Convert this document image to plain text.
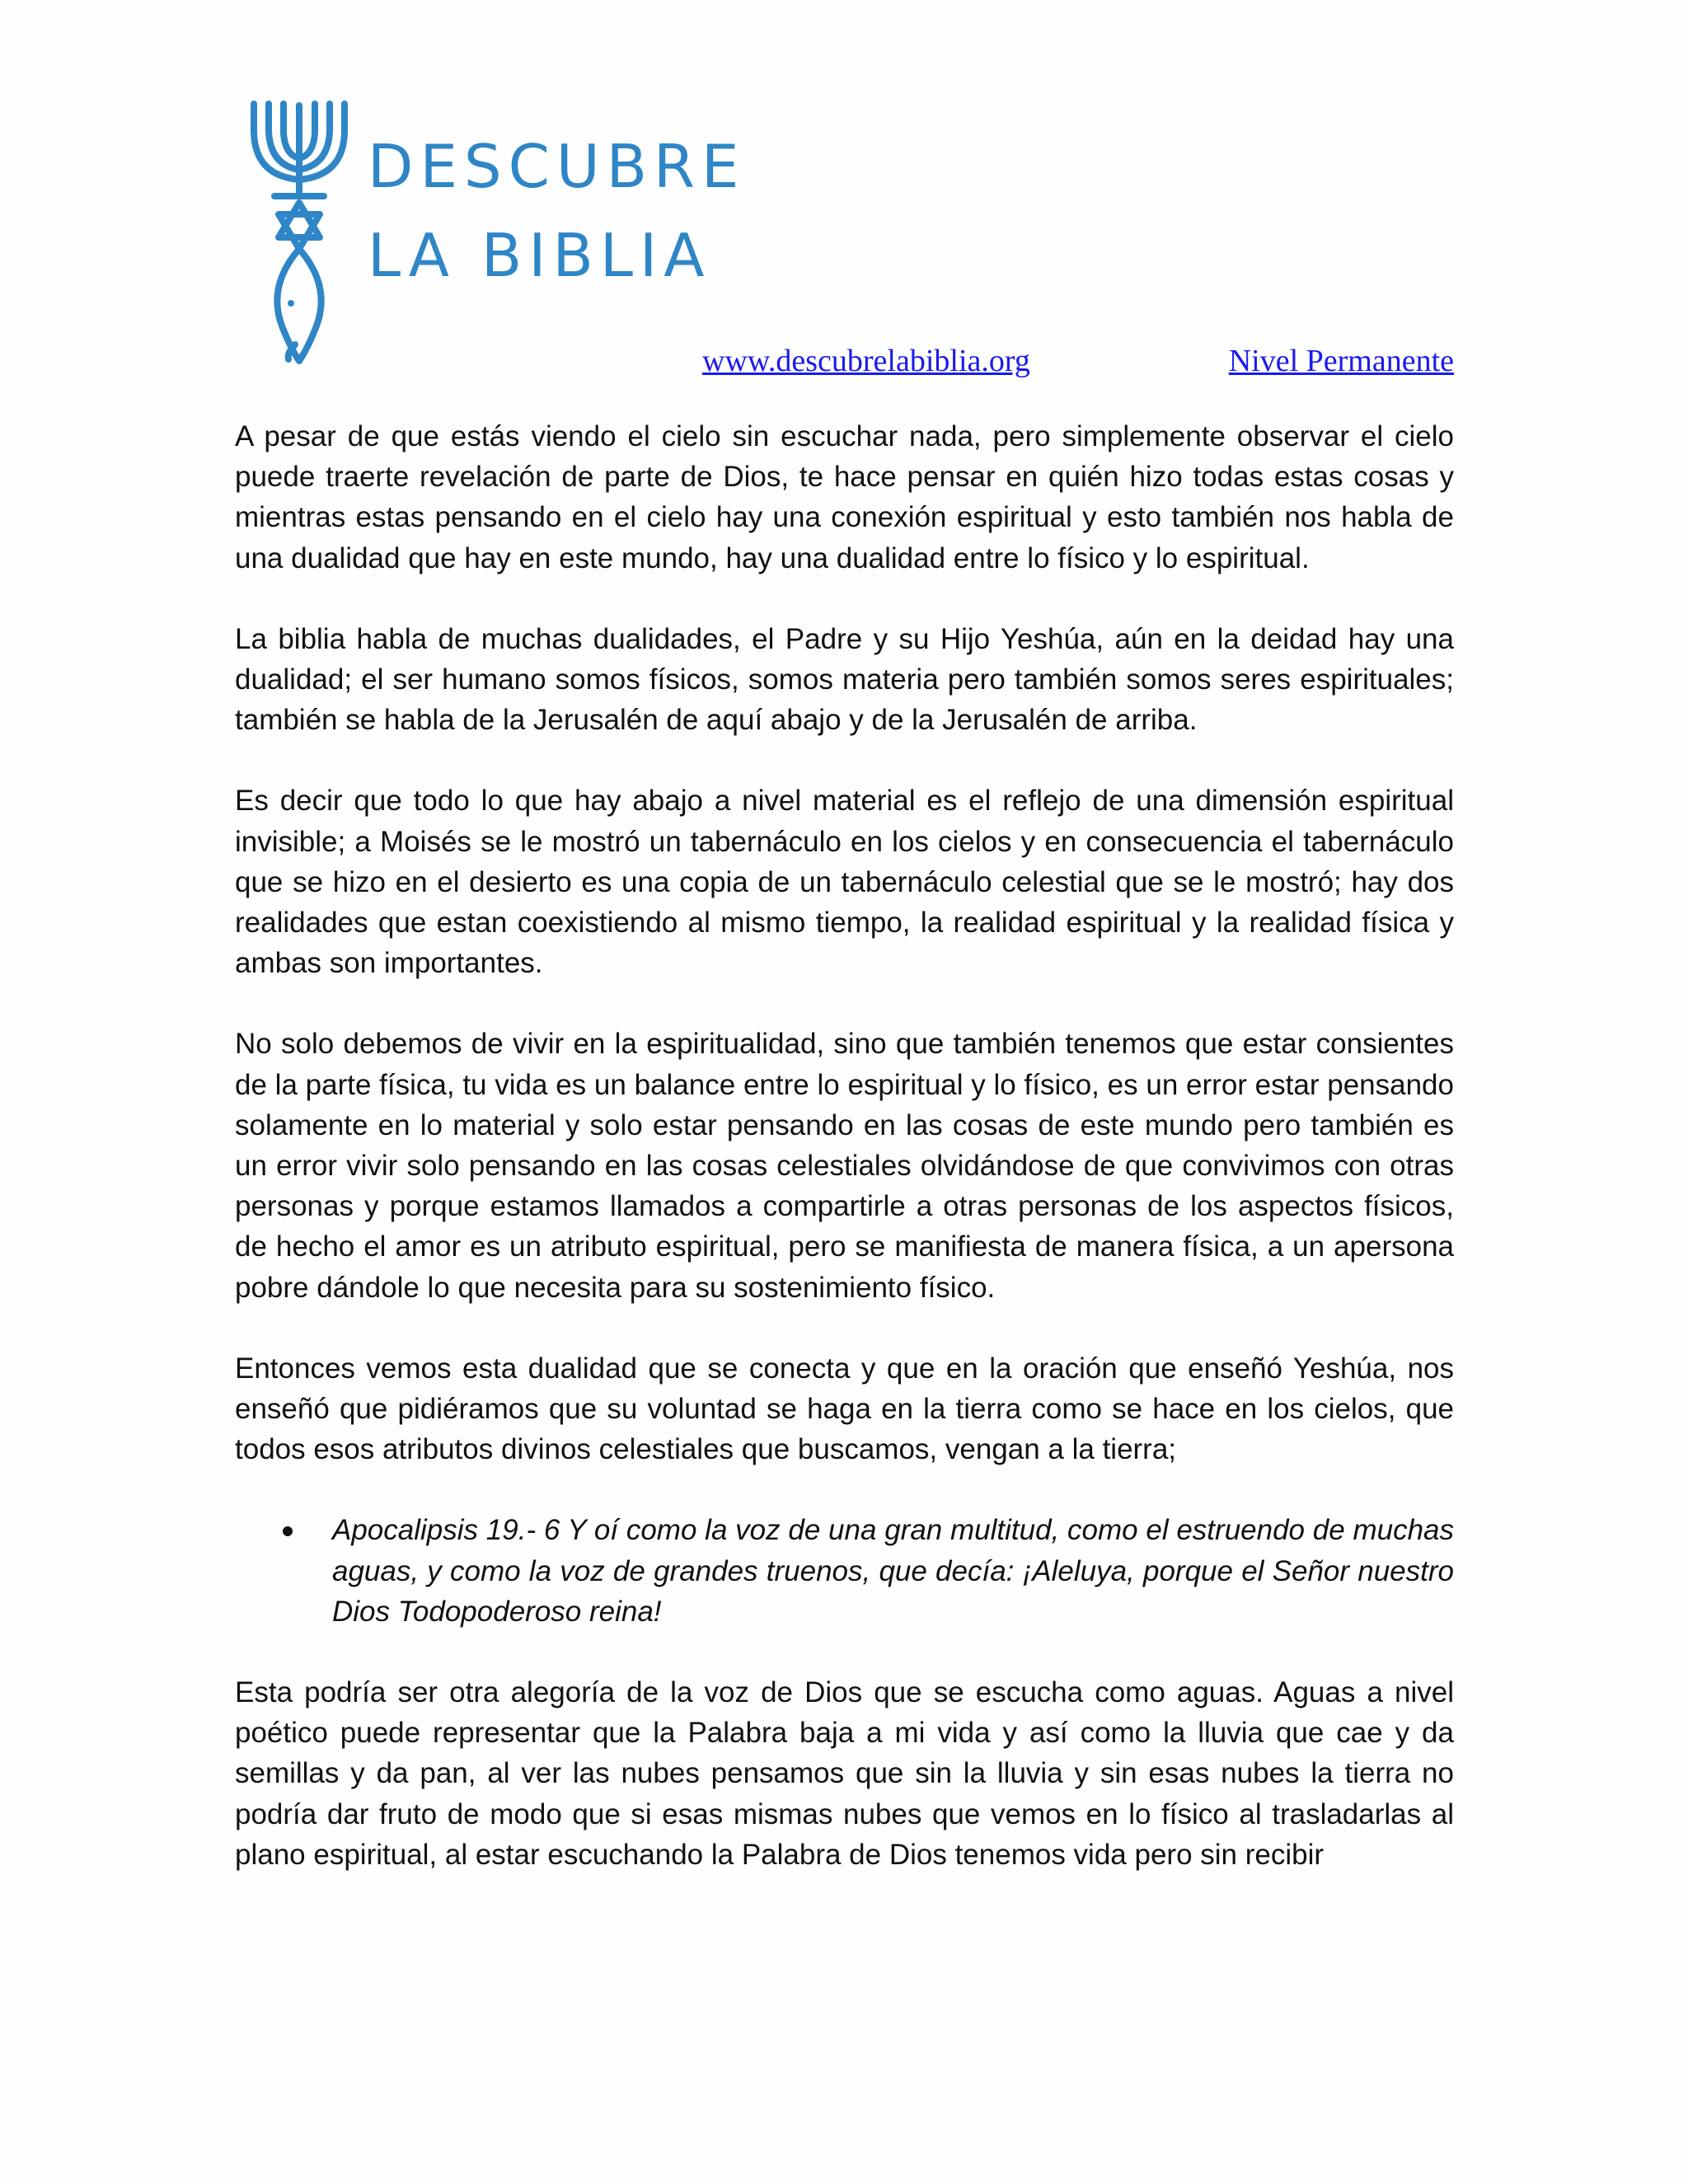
DESCUBRE
LA BIBLIA
www.descubrelabiblia.org	Nivel Permanente

A pesar de que estás viendo el cielo sin escuchar nada, pero simplemente observar el cielo puede traerte revelación de parte de Dios, te hace pensar en quién hizo todas estas cosas y mientras estas pensando en el cielo hay una conexión espiritual y esto también nos habla de una dualidad que hay en este mundo, hay una dualidad entre lo físico y lo espiritual.

La biblia habla de muchas dualidades, el Padre y su Hijo Yeshúa, aún en la deidad hay una dualidad; el ser humano somos físicos, somos materia pero también somos seres espirituales; también se habla de la Jerusalén de aquí abajo y de la Jerusalén de arriba.

Es decir que todo lo que hay abajo a nivel material es el reflejo de una dimensión espiritual invisible; a Moisés se le mostró un tabernáculo en los cielos y en consecuencia el tabernáculo que se hizo en el desierto es una copia de un tabernáculo celestial que se le mostró; hay dos realidades que estan coexistiendo al mismo tiempo, la realidad espiritual y la realidad física y ambas son importantes.

No solo debemos de vivir en la espiritualidad, sino que también tenemos que estar consientes de la parte física, tu vida es un balance entre lo espiritual y lo físico, es un error estar pensando solamente en lo material y solo estar pensando en las cosas de este mundo pero también es un error vivir solo pensando en las cosas celestiales olvidándose de que convivimos con otras personas y porque estamos llamados a compartirle a otras personas de los aspectos físicos, de hecho el amor es un atributo espiritual, pero se manifiesta de manera física, a un apersona pobre dándole lo que necesita para su sostenimiento físico.

Entonces vemos esta dualidad que se conecta y que en la oración que enseñó Yeshúa, nos enseñó que pidiéramos que su voluntad se haga en la tierra como se hace en los cielos, que todos esos atributos divinos celestiales que buscamos, vengan a la tierra;

Apocalipsis 19.- 6 Y oí como la voz de una gran multitud, como el estruendo de muchas aguas, y como la voz de grandes truenos, que decía: ¡Aleluya, porque el Señor nuestro Dios Todopoderoso reina!

Esta podría ser otra alegoría de la voz de Dios que se escucha como aguas. Aguas a nivel poético puede representar que la Palabra baja a mi vida y así como la lluvia que cae y da semillas y da pan, al ver las nubes pensamos que sin la lluvia y sin esas nubes la tierra no podría dar fruto de modo que si esas mismas nubes que vemos en lo físico al trasladarlas al plano espiritual, al estar escuchando la Palabra de Dios tenemos vida pero sin recibir
